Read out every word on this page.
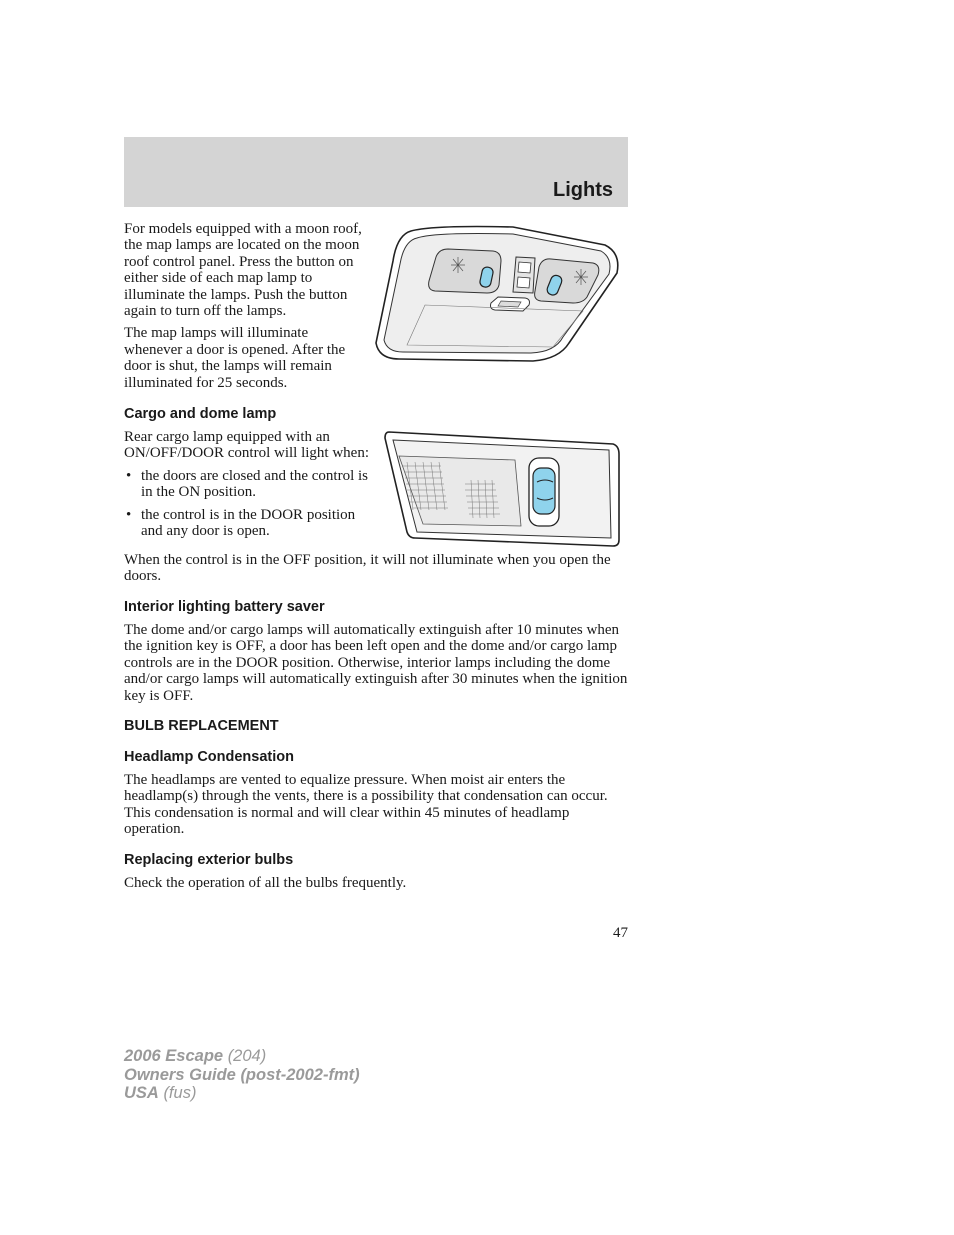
Lights

For models equipped with a moon roof, the map lamps are located on the moon roof control panel. Press the button on either side of each map lamp to illuminate the lamps. Push the button again to turn off the lamps.

The map lamps will illuminate whenever a door is opened. After the door is shut, the lamps will remain illuminated for 25 seconds.

Cargo and dome lamp

Rear cargo lamp equipped with an ON/OFF/DOOR control will light when:

• the doors are closed and the control is in the ON position.
• the control is in the DOOR position and any door is open.

When the control is in the OFF position, it will not illuminate when you open the doors.

Interior lighting battery saver

The dome and/or cargo lamps will automatically extinguish after 10 minutes when the ignition key is OFF, a door has been left open and the dome and/or cargo lamp controls are in the DOOR position. Otherwise, interior lamps including the dome and/or cargo lamps will automatically extinguish after 30 minutes when the ignition key is OFF.

BULB REPLACEMENT
Headlamp Condensation

The headlamps are vented to equalize pressure. When moist air enters the headlamp(s) through the vents, there is a possibility that condensation can occur. This condensation is normal and will clear within 45 minutes of headlamp operation.

Replacing exterior bulbs

Check the operation of all the bulbs frequently.

47
2006 Escape (204)
Owners Guide (post-2002-fmt)
USA (fus)
